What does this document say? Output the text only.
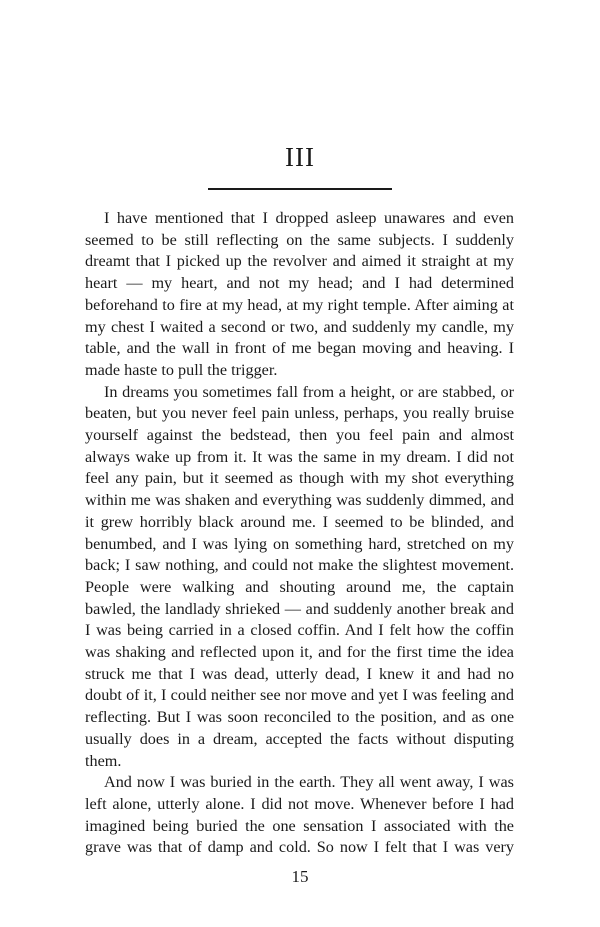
III

I have mentioned that I dropped asleep unawares and even seemed to be still reflecting on the same subjects. I suddenly dreamt that I picked up the revolver and aimed it straight at my heart — my heart, and not my head; and I had determined beforehand to fire at my head, at my right temple. After aiming at my chest I waited a second or two, and suddenly my candle, my table, and the wall in front of me began moving and heaving. I made haste to pull the trigger.

In dreams you sometimes fall from a height, or are stabbed, or beaten, but you never feel pain unless, perhaps, you really bruise yourself against the bedstead, then you feel pain and almost always wake up from it. It was the same in my dream. I did not feel any pain, but it seemed as though with my shot everything within me was shaken and everything was suddenly dimmed, and it grew horribly black around me. I seemed to be blinded, and benumbed, and I was lying on something hard, stretched on my back; I saw nothing, and could not make the slightest movement. People were walking and shouting around me, the captain bawled, the landlady shrieked — and suddenly another break and I was being carried in a closed coffin. And I felt how the coffin was shaking and reflected upon it, and for the first time the idea struck me that I was dead, utterly dead, I knew it and had no doubt of it, I could neither see nor move and yet I was feeling and reflecting. But I was soon reconciled to the position, and as one usually does in a dream, accepted the facts without disputing them.

And now I was buried in the earth. They all went away, I was left alone, utterly alone. I did not move. Whenever before I had imagined being buried the one sensation I associated with the grave was that of damp and cold. So now I felt that I was very

15
